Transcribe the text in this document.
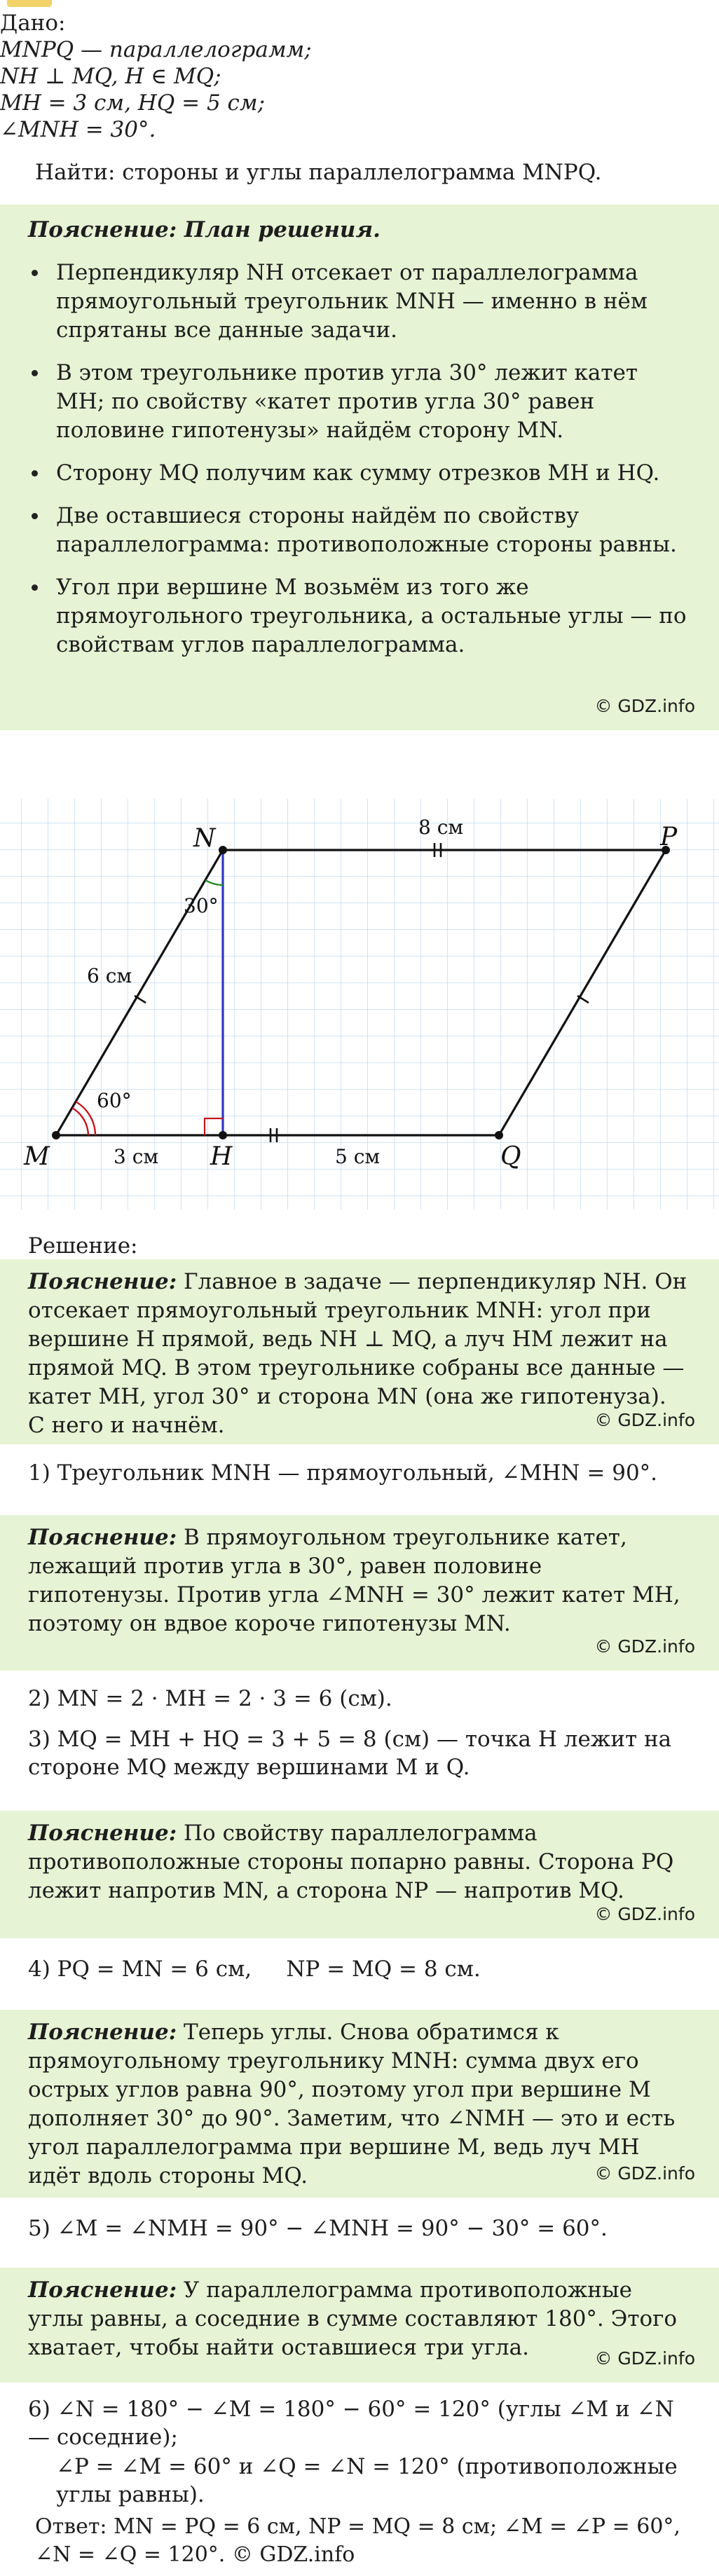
Дано:
MNPQ — параллелограмм;
NH ⊥ MQ, H ∈ MQ;
MH = 3 см, HQ = 5 см;
∠MNH = 30°.
Найти: стороны и углы параллелограмма MNPQ.
Пояснение: План решения.
Перпендикуляр NH отсекает от параллелограмма прямоугольный треугольник MNH — именно в нём спрятаны все данные задачи.
В этом треугольнике против угла 30° лежит катет MH; по свойству «катет против угла 30° равен половине гипотенузы» найдём сторону MN.
Сторону MQ получим как сумму отрезков MH и HQ.
Две оставшиеся стороны найдём по свойству параллелограмма: противоположные стороны равны.
Угол при вершине M возьмём из того же прямоугольного треугольника, а остальные углы — по свойствам углов параллелограмма.
© GDZ.info
M
N	P
Q
H
8 см
6 см
3 см	5 см
60°
30°
Решение:
Пояснение: Главное в задаче — перпендикуляр NH. Он отсекает прямоугольный треугольник MNH: угол при вершине H прямой, ведь NH ⊥ MQ, а луч HM лежит на прямой MQ. В этом треугольнике собраны все данные — катет MH, угол 30° и сторона MN (она же гипотенуза). С него и начнём.	© GDZ.info
1) Треугольник MNH — прямоугольный, ∠MHN = 90°.
Пояснение: В прямоугольном треугольнике катет, лежащий против угла в 30°, равен половине гипотенузы. Против угла ∠MNH = 30° лежит катет MH, поэтому он вдвое короче гипотенузы MN.
© GDZ.info
2) MN = 2 · MH = 2 · 3 = 6 (см).
3) MQ = MH + HQ = 3 + 5 = 8 (см) — точка H лежит на стороне MQ между вершинами M и Q.
Пояснение: По свойству параллелограмма противоположные стороны попарно равны. Сторона PQ лежит напротив MN, а сторона NP — напротив MQ.
© GDZ.info
4) PQ = MN = 6 см,     NP = MQ = 8 см.
Пояснение: Теперь углы. Снова обратимся к прямоугольному треугольнику MNH: сумма двух его острых углов равна 90°, поэтому угол при вершине M дополняет 30° до 90°. Заметим, что ∠NMH — это и есть угол параллелограмма при вершине M, ведь луч MH идёт вдоль стороны MQ.	© GDZ.info
5) ∠M = ∠NMH = 90° − ∠MNH = 90° − 30° = 60°.
Пояснение: У параллелограмма противоположные углы равны, а соседние в сумме составляют 180°. Этого хватает, чтобы найти оставшиеся три угла.	© GDZ.info
6) ∠N = 180° − ∠M = 180° − 60° = 120° (углы ∠M и ∠N — соседние);
∠P = ∠M = 60° и ∠Q = ∠N = 120° (противоположные углы равны).
Ответ: MN = PQ = 6 см, NP = MQ = 8 см; ∠M = ∠P = 60°, ∠N = ∠Q = 120°. © GDZ.info
